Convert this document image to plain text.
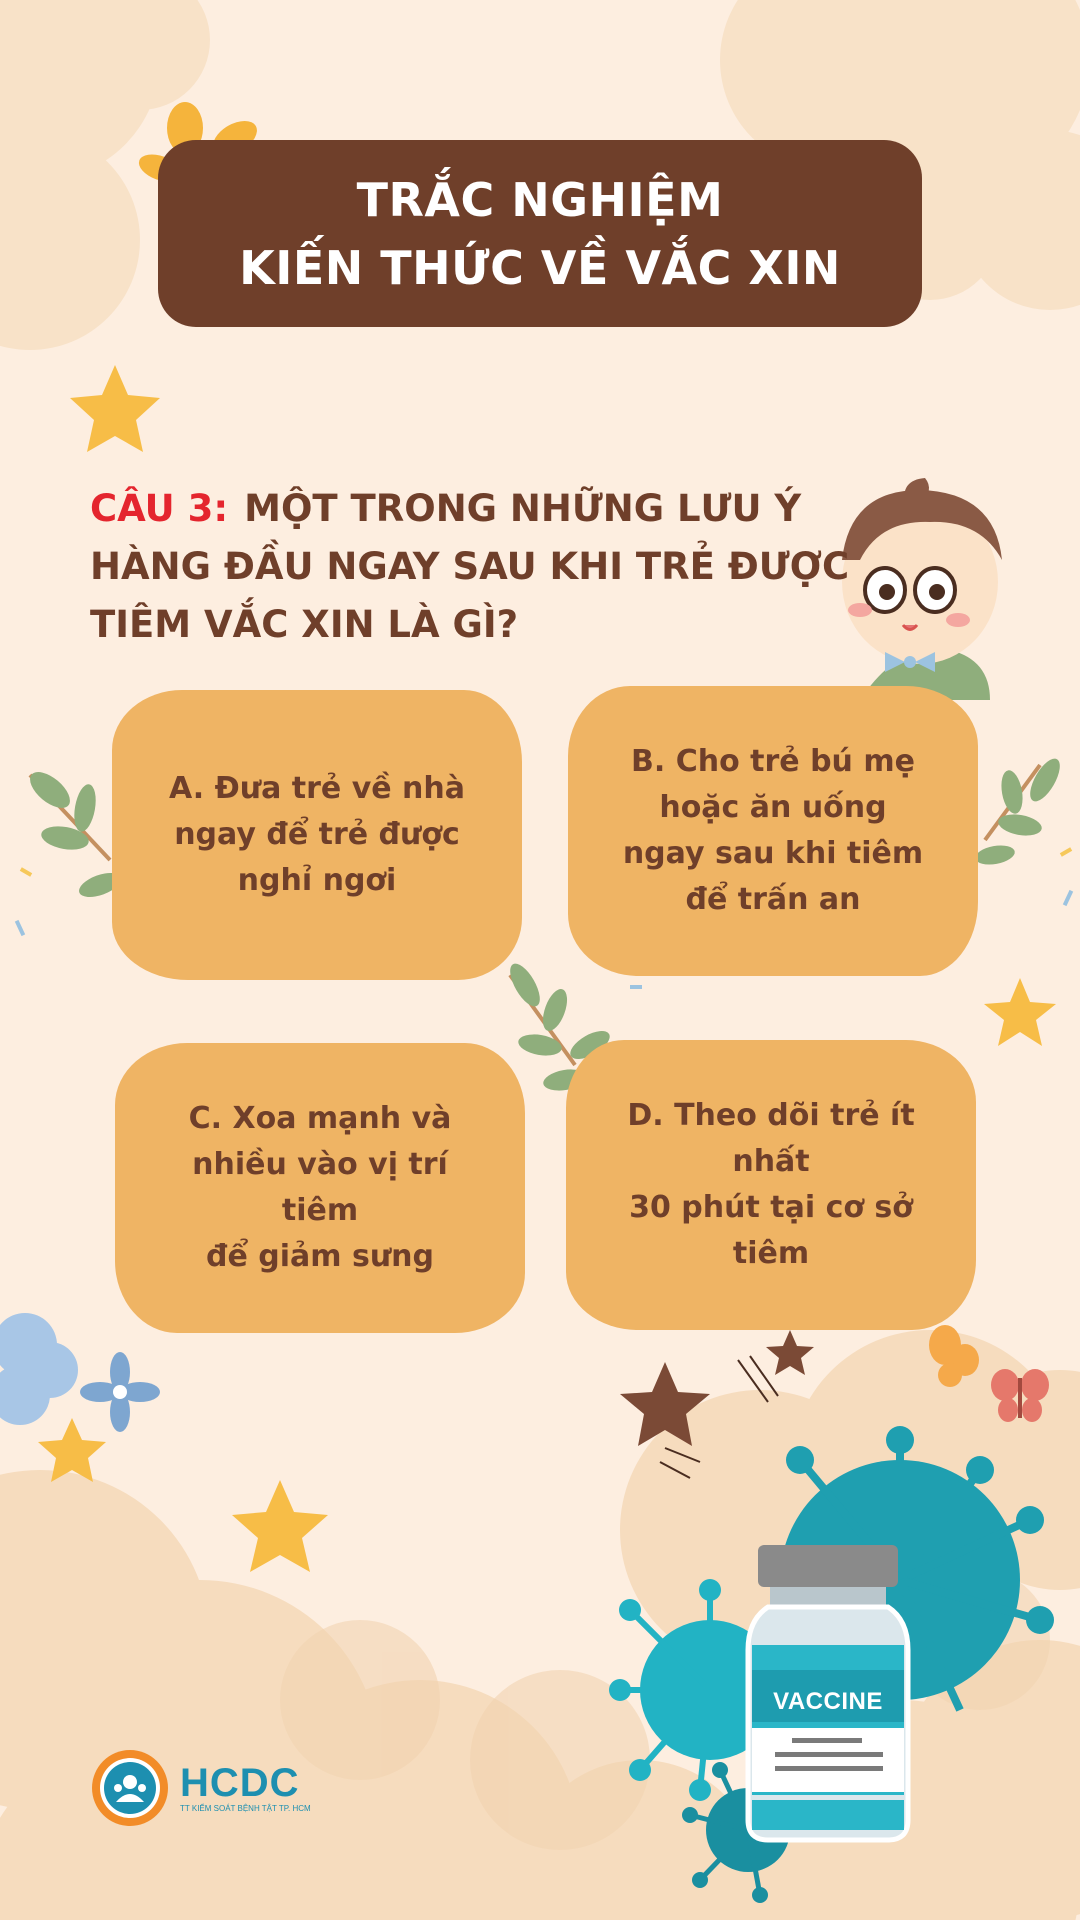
VACCINE
TRẮC NGHIỆM
KIẾN THỨC VỀ VẮC XIN
CÂU 3: MỘT TRONG NHỮNG LƯU Ý HÀNG ĐẦU NGAY SAU KHI TRẺ ĐƯỢC TIÊM VẮC XIN LÀ GÌ?
A. Đưa trẻ về nhà
ngay để trẻ được
nghỉ ngơi
B. Cho trẻ bú mẹ
hoặc ăn uống
ngay sau khi tiêm
để trấn an
C. Xoa mạnh và
nhiều vào vị trí tiêm
để giảm sưng
D. Theo dõi trẻ ít nhất
30 phút tại cơ sở tiêm
HCDC
TT KIỂM SOÁT BỆNH TẬT TP. HCM
